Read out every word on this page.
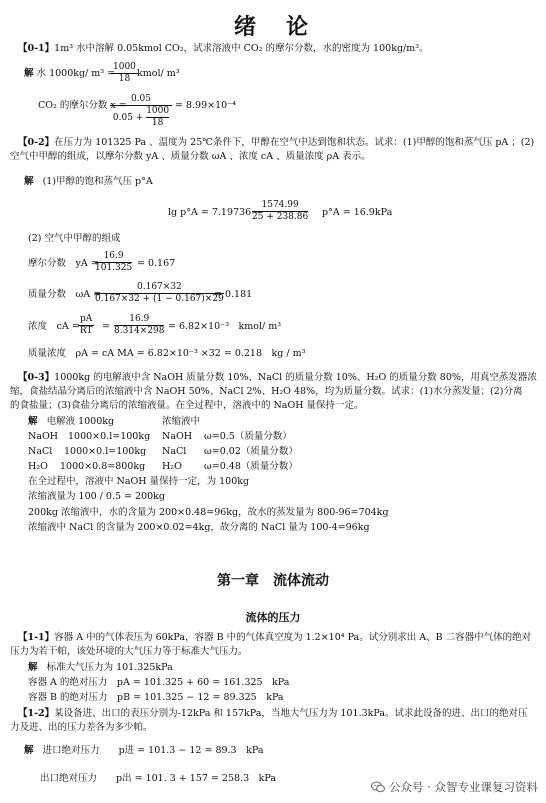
绪　论
【0-1】1m³ 水中溶解 0.05kmol CO₂，试求溶液中 CO₂ 的摩尔分数，水的密度为 100kg/m³。
解 水 1000kg/ m³ =
$\frac{1000}{18}$ kmol/ m³
CO₂ 的摩尔分数 x =
$\frac{0.05}{0.05 + \frac{1000}{18}} = 8.99\times 10^{-4}$
【0-2】在压力为 101325 Pa 、温度为 25℃条件下，甲醇在空气中达到饱和状态。试求：(1)甲醇的饱和蒸气压 pA ；(2)
空气中甲醇的组成，以摩尔分数 yA 、质量分数 ωA 、浓度 cA 、质量浓度 ρA 表示。
解 (1)甲醇的饱和蒸气压 p°A
lg p°A = 7.19736 −
$\frac{1574.99}{25 + 238.86} p^\circ A = 16.9kPa$
(2) 空气中甲醇的组成
摩尔分数　yA =
$\frac{16.9}{101.325} = 0.167$
质量分数　ωA =
$\frac{0.167\times 32}{0.167\times 32 + (1 - 0.167)\times 29}$
= 0.181
浓度　cA =
$\frac{pA}{RT} = \frac{16.9}{8.314\times 298} = 6.82\times 10^{-3}$　kmol/ m³
质量浓度　ρA = cA MA = 6.82×10⁻³ ×32 = 0.218　kg / m³
【0-3】1000kg 的电解液中含 NaOH 质量分数 10%、NaCl 的质量分数 10%、H₂O 的质量分数 80%，用真空蒸发器浓
缩，食盐结晶分离后的浓缩液中含 NaOH 50%、NaCl 2%、H₂O 48%，均为质量分数。试求：(1)水分蒸发量；(2)分离
的食盐量；(3)食盐分离后的浓缩液量。在全过程中，溶液中的 NaOH 量保持一定。
解 电解液 1000kg	浓缩液中
NaOH 1000×0.l=100kg NaOH ω=0.5（质量分数）
NaCl 1000×0.l=100kg NaCl ω=0.02（质量分数）
H₂O 1000×0.8=800kg H₂O ω=0.48（质量分数）
在全过程中，溶液中 NaOH 量保持一定，为 100kg
浓缩液量为 100 / 0.5 = 200kg
200kg 浓缩液中，水的含量为 200×0.48=96kg，故水的蒸发量为 800-96=704kg
浓缩液中 NaCl 的含量为 200×0.02=4kg，故分离的 NaCl 量为 100-4=96kg
第一章　流体流动
流体的压力
【1-1】容器 A 中的气体表压为 60kPa，容器 B 中的气体真空度为 1.2×10⁴ Pa。试分别求出 A、B 二容器中气体的绝对
压力为若干帕，该处环境的大气压力等于标准大气压力。
解 标准大气压力为 101.325kPa
容器 A 的绝对压力　pA = 101.325 + 60 = 161.325　kPa
容器 B 的绝对压力　pB = 101.325 − 12 = 89.325　kPa
【1-2】某设备进、出口的表压分别为-12kPa 和 157kPa，当地大气压力为 101.3kPa。试求此设备的进、出口的绝对压
力及进、出的压力差各为多少帕。
解 进口绝对压力　　p进 = 101.3 − 12 = 89.3　kPa
出口绝对压力　　p出 = 101. 3 + 157 = 258.3　kPa
公众号 · 众智专业课复习资料
